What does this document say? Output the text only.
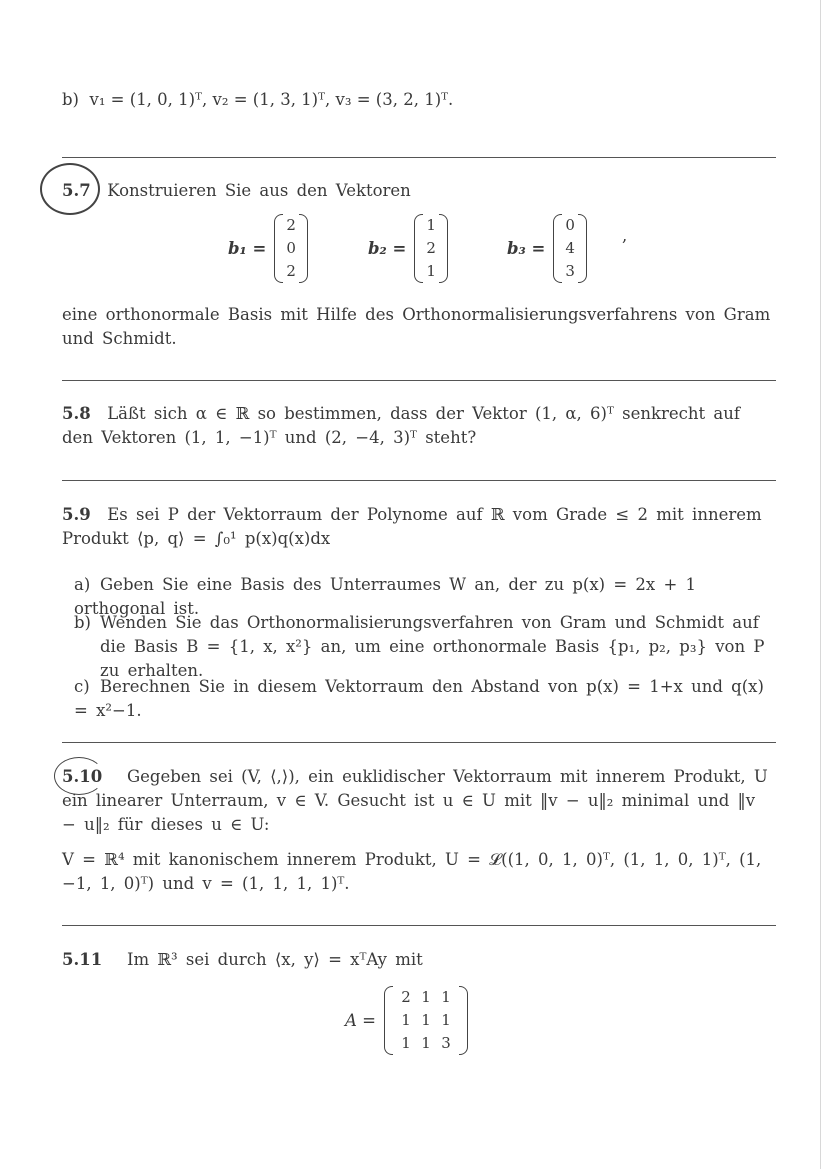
b) v₁ = (1, 0, 1)ᵀ, v₂ = (1, 3, 1)ᵀ, v₃ = (3, 2, 1)ᵀ.
5.7 Konstruieren Sie aus den Vektoren
b₁ =
2
0
2
b₂ =
1
2
1
b₃ =
0
4
3
,
eine orthonormale Basis mit Hilfe des Orthonormalisierungsverfahrens von Gram und Schmidt.
5.8 Läßt sich α ∈ ℝ so bestimmen, dass der Vektor (1, α, 6)ᵀ senkrecht auf den Vektoren (1, 1, −1)ᵀ und (2, −4, 3)ᵀ steht?
5.9 Es sei P der Vektorraum der Polynome auf ℝ vom Grade ≤ 2 mit innerem Produkt ⟨p, q⟩ = ∫₀¹ p(x)q(x)dx
a) Geben Sie eine Basis des Unterraumes W an, der zu p(x) = 2x + 1 orthogonal ist.
b) Wenden Sie das Orthonormalisierungsverfahren von Gram und Schmidt auf die Basis B = {1, x, x²} an, um eine orthonormale Basis {p₁, p₂, p₃} von P zu erhalten.
c) Berechnen Sie in diesem Vektorraum den Abstand von p(x) = 1+x und q(x) = x²−1.
5.10 Gegeben sei (V, ⟨,⟩), ein euklidischer Vektorraum mit innerem Produkt, U ein linearer Unterraum, v ∈ V. Gesucht ist u ∈ U mit ‖v − u‖₂ minimal und ‖v − u‖₂ für dieses u ∈ U:
V = ℝ⁴ mit kanonischem innerem Produkt, U = 𝓛((1, 0, 1, 0)ᵀ, (1, 1, 0, 1)ᵀ, (1, −1, 1, 0)ᵀ) und v = (1, 1, 1, 1)ᵀ.
5.11 Im ℝ³ sei durch ⟨x, y⟩ = xᵀAy mit
A =
2 1 1
1 1 1
1 1 3
